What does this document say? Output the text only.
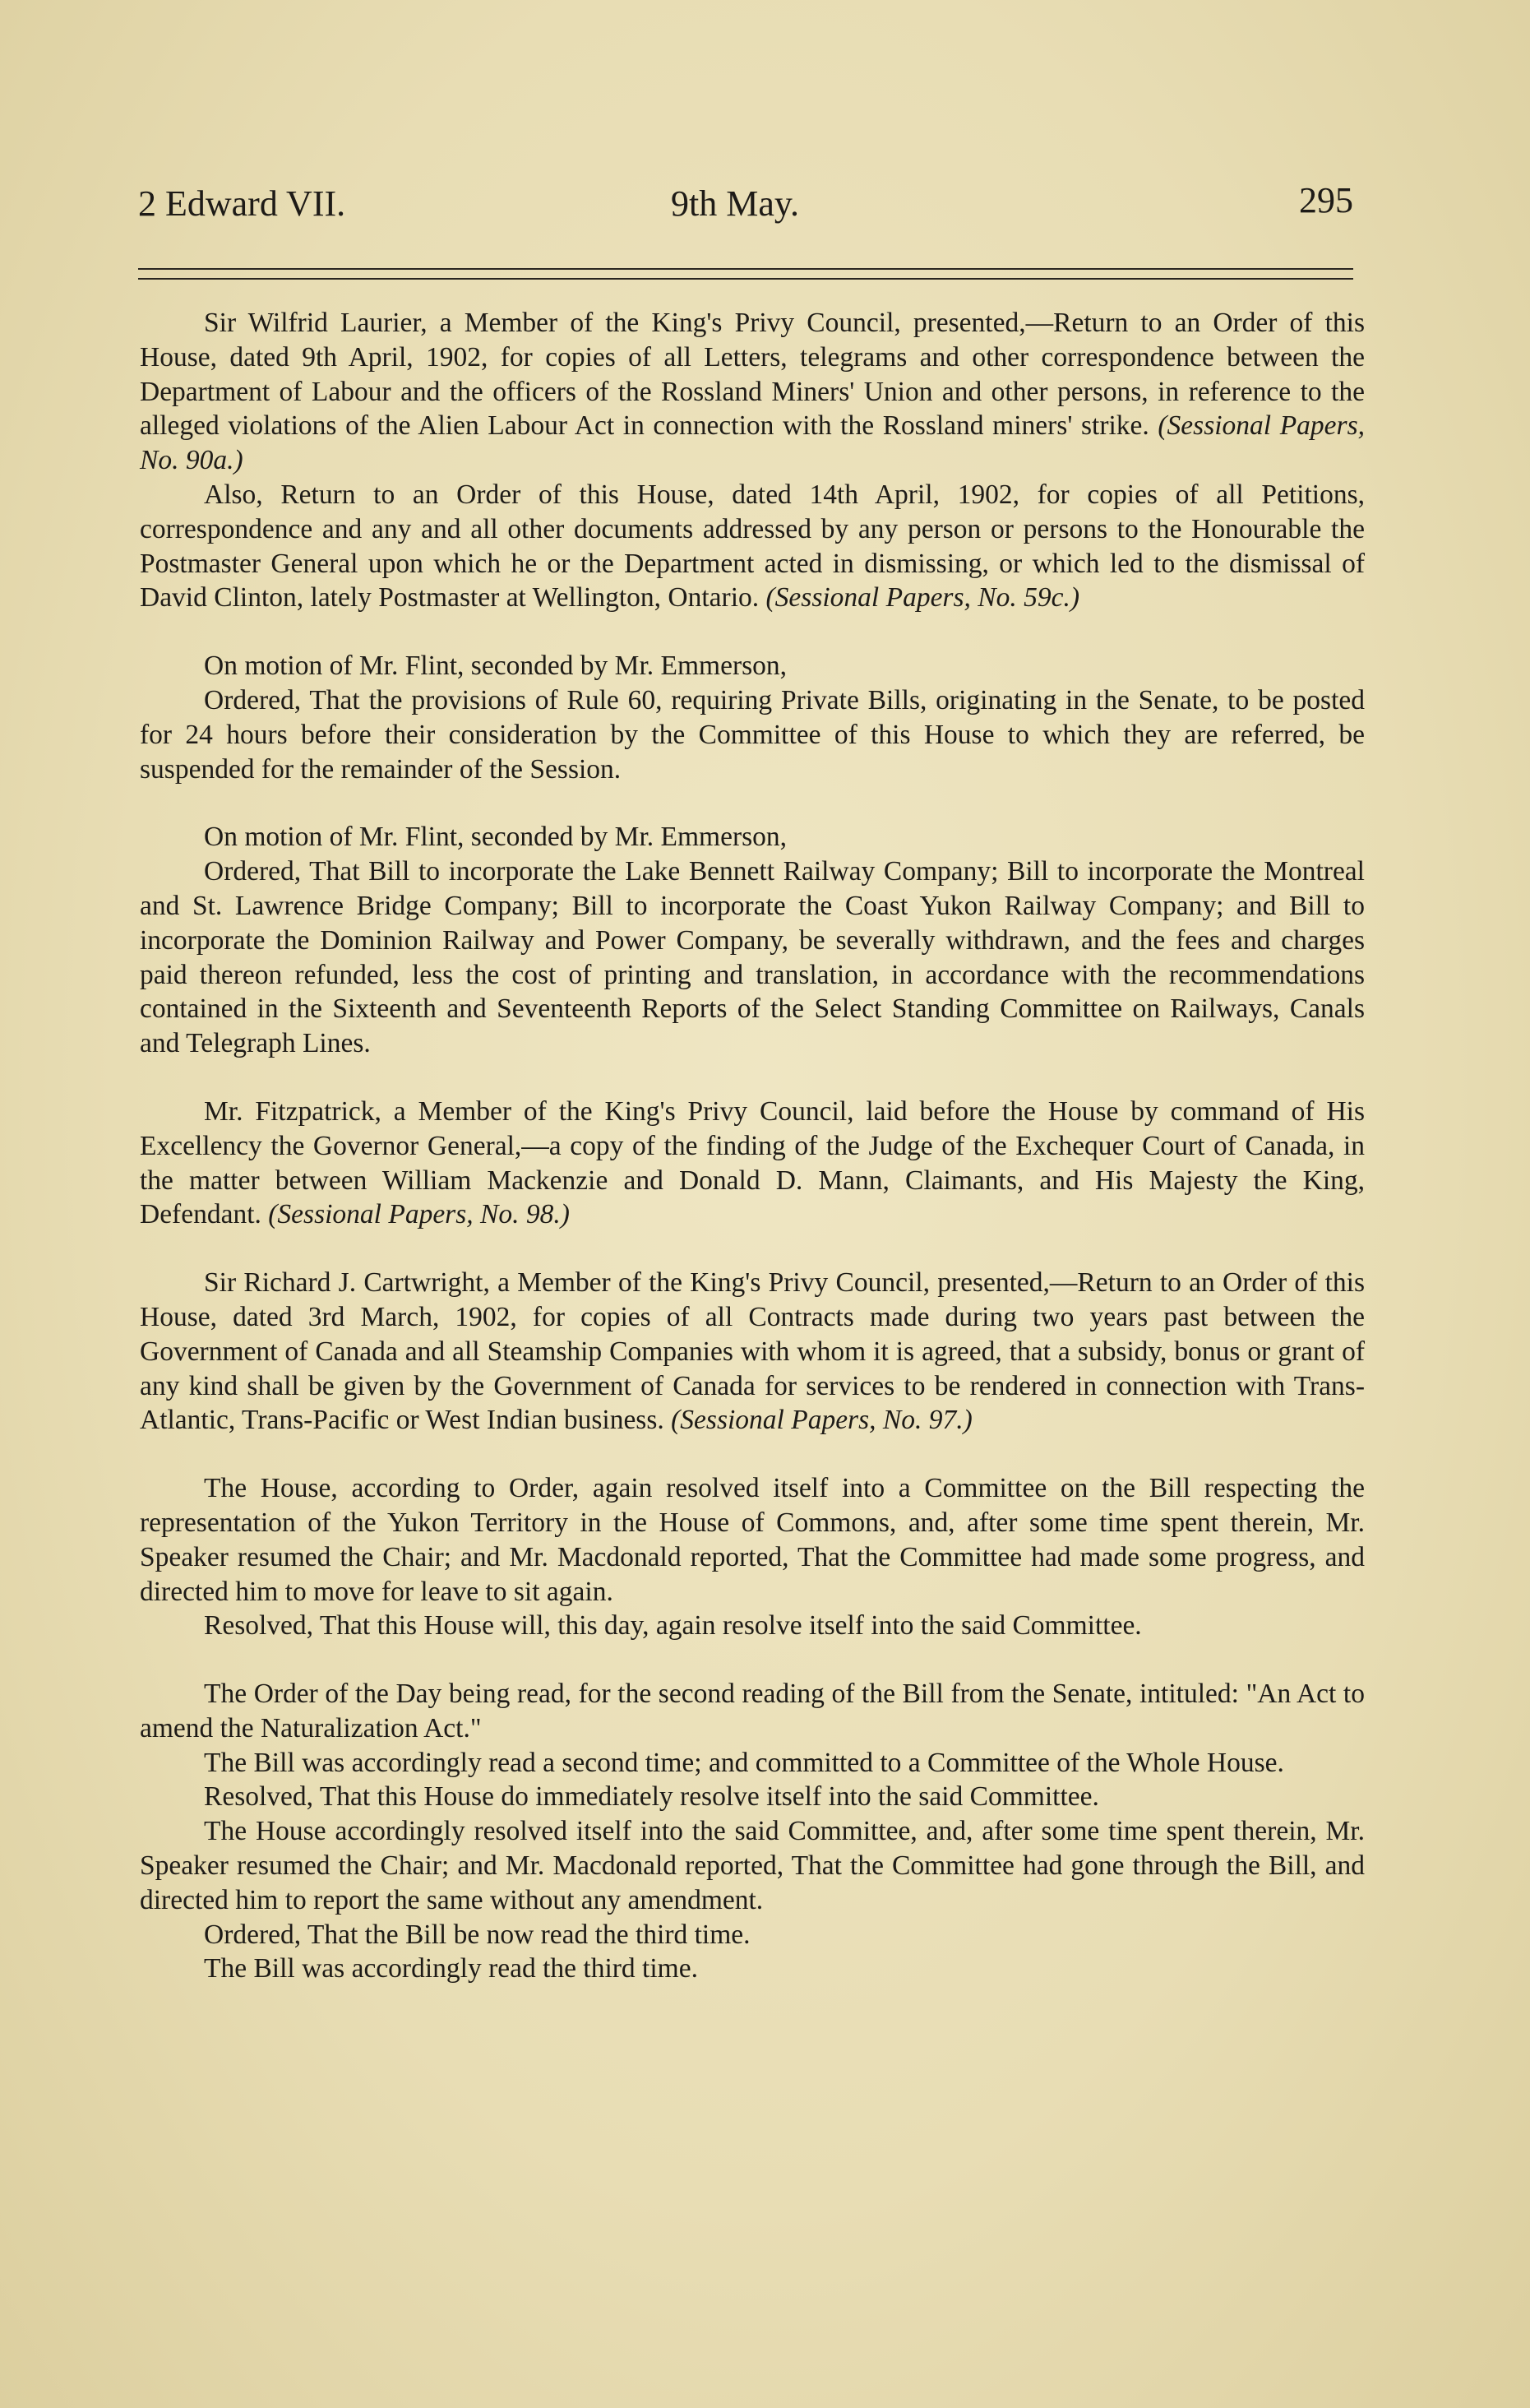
2 Edward VII.	9th May.	295

Sir Wilfrid Laurier, a Member of the King's Privy Council, presented,—Return to an Order of this House, dated 9th April, 1902, for copies of all Letters, telegrams and other correspondence between the Department of Labour and the officers of the Rossland Miners' Union and other persons, in reference to the alleged violations of the Alien Labour Act in connection with the Rossland miners' strike. (Sessional Papers, No. 90a.)

Also, Return to an Order of this House, dated 14th April, 1902, for copies of all Petitions, correspondence and any and all other documents addressed by any person or persons to the Honourable the Postmaster General upon which he or the Department acted in dismissing, or which led to the dismissal of David Clinton, lately Postmaster at Wellington, Ontario. (Sessional Papers, No. 59c.)

On motion of Mr. Flint, seconded by Mr. Emmerson,

Ordered, That the provisions of Rule 60, requiring Private Bills, originating in the Senate, to be posted for 24 hours before their consideration by the Committee of this House to which they are referred, be suspended for the remainder of the Session.

On motion of Mr. Flint, seconded by Mr. Emmerson,

Ordered, That Bill to incorporate the Lake Bennett Railway Company; Bill to incorporate the Montreal and St. Lawrence Bridge Company; Bill to incorporate the Coast Yukon Railway Company; and Bill to incorporate the Dominion Railway and Power Company, be severally withdrawn, and the fees and charges paid thereon refunded, less the cost of printing and translation, in accordance with the recommendations contained in the Sixteenth and Seventeenth Reports of the Select Standing Committee on Railways, Canals and Telegraph Lines.

Mr. Fitzpatrick, a Member of the King's Privy Council, laid before the House by command of His Excellency the Governor General,—a copy of the finding of the Judge of the Exchequer Court of Canada, in the matter between William Mackenzie and Donald D. Mann, Claimants, and His Majesty the King, Defendant. (Sessional Papers, No. 98.)

Sir Richard J. Cartwright, a Member of the King's Privy Council, presented,—Return to an Order of this House, dated 3rd March, 1902, for copies of all Contracts made during two years past between the Government of Canada and all Steamship Companies with whom it is agreed, that a subsidy, bonus or grant of any kind shall be given by the Government of Canada for services to be rendered in connection with Trans-Atlantic, Trans-Pacific or West Indian business. (Sessional Papers, No. 97.)

The House, according to Order, again resolved itself into a Committee on the Bill respecting the representation of the Yukon Territory in the House of Commons, and, after some time spent therein, Mr. Speaker resumed the Chair; and Mr. Macdonald reported, That the Committee had made some progress, and directed him to move for leave to sit again.

Resolved, That this House will, this day, again resolve itself into the said Committee.

The Order of the Day being read, for the second reading of the Bill from the Senate, intituled: "An Act to amend the Naturalization Act."

The Bill was accordingly read a second time; and committed to a Committee of the Whole House.

Resolved, That this House do immediately resolve itself into the said Committee.

The House accordingly resolved itself into the said Committee, and, after some time spent therein, Mr. Speaker resumed the Chair; and Mr. Macdonald reported, That the Committee had gone through the Bill, and directed him to report the same without any amendment.

Ordered, That the Bill be now read the third time.

The Bill was accordingly read the third time.
